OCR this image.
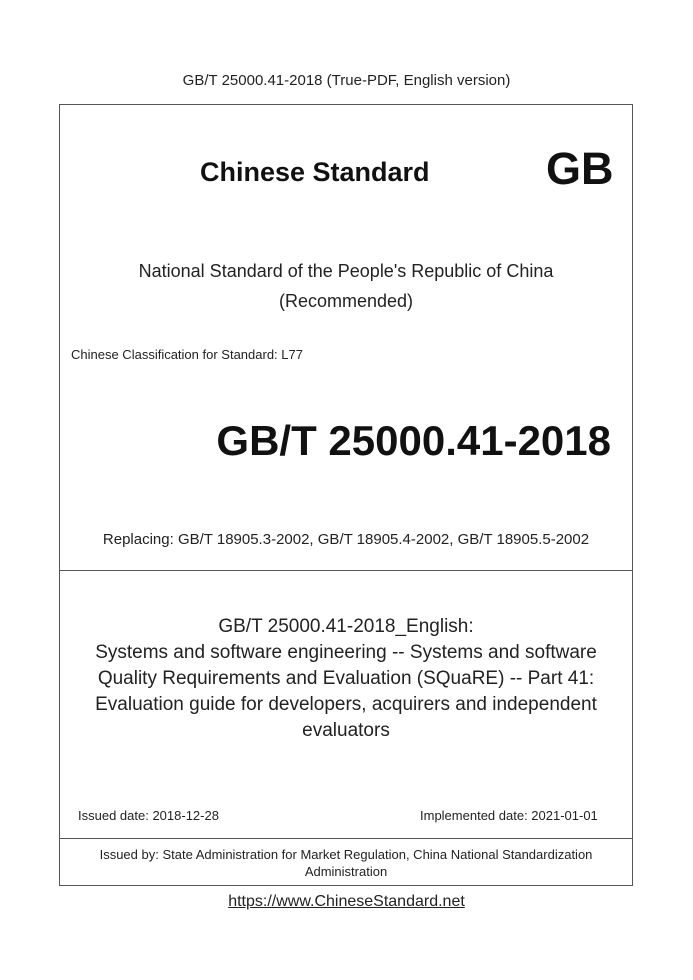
GB/T 25000.41-2018 (True-PDF, English version)
Chinese Standard	GB
National Standard of the People's Republic of China
(Recommended)
Chinese Classification for Standard: L77
GB/T 25000.41-2018
Replacing: GB/T 18905.3-2002, GB/T 18905.4-2002, GB/T 18905.5-2002
GB/T 25000.41-2018_English:
Systems and software engineering -- Systems and software
Quality Requirements and Evaluation (SQuaRE) -- Part 41:
Evaluation guide for developers, acquirers and independent
evaluators
Issued date: 2018-12-28	Implemented date: 2021-01-01
Issued by: State Administration for Market Regulation, China National Standardization
Administration
https://www.ChineseStandard.net
